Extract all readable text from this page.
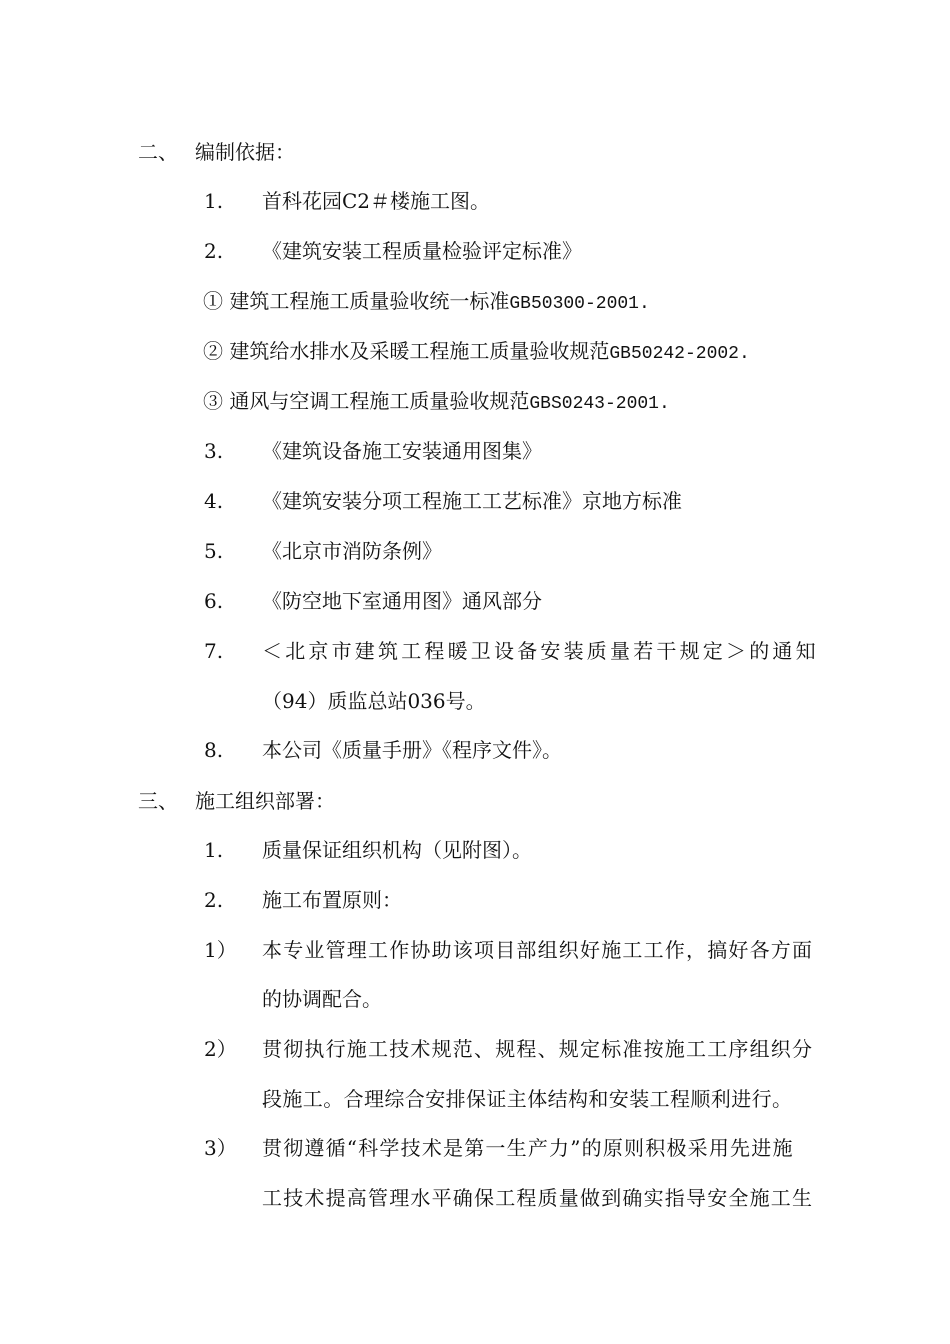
二、 编制依据：
1. 首科花园C2＃楼施工图。
2. 《建筑安装工程质量检验评定标准》
① 建筑工程施工质量验收统一标准GB50300-2001.
② 建筑给水排水及采暖工程施工质量验收规范GB50242-2002.
③ 通风与空调工程施工质量验收规范GBS0243-2001.
3. 《建筑设备施工安装通用图集》
4. 《建筑安装分项工程施工工艺标准》京地方标准
5. 《北京市消防条例》
6. 《防空地下室通用图》通风部分
7. ＜北京市建筑工程暖卫设备安装质量若干规定＞的通知
（94）质监总站036号。
8. 本公司《质量手册》《程序文件》。
三、 施工组织部署：
1. 质量保证组织机构（见附图）。
2. 施工布置原则：
1） 本专业管理工作协助该项目部组织好施工工作，搞好各方面
的协调配合。
2） 贯彻执行施工技术规范、规程、规定标准按施工工序组织分
段施工。合理综合安排保证主体结构和安装工程顺利进行。
3） 贯彻遵循“科学技术是第一生产力”的原则积极采用先进施
工技术提高管理水平确保工程质量做到确实指导安全施工生
